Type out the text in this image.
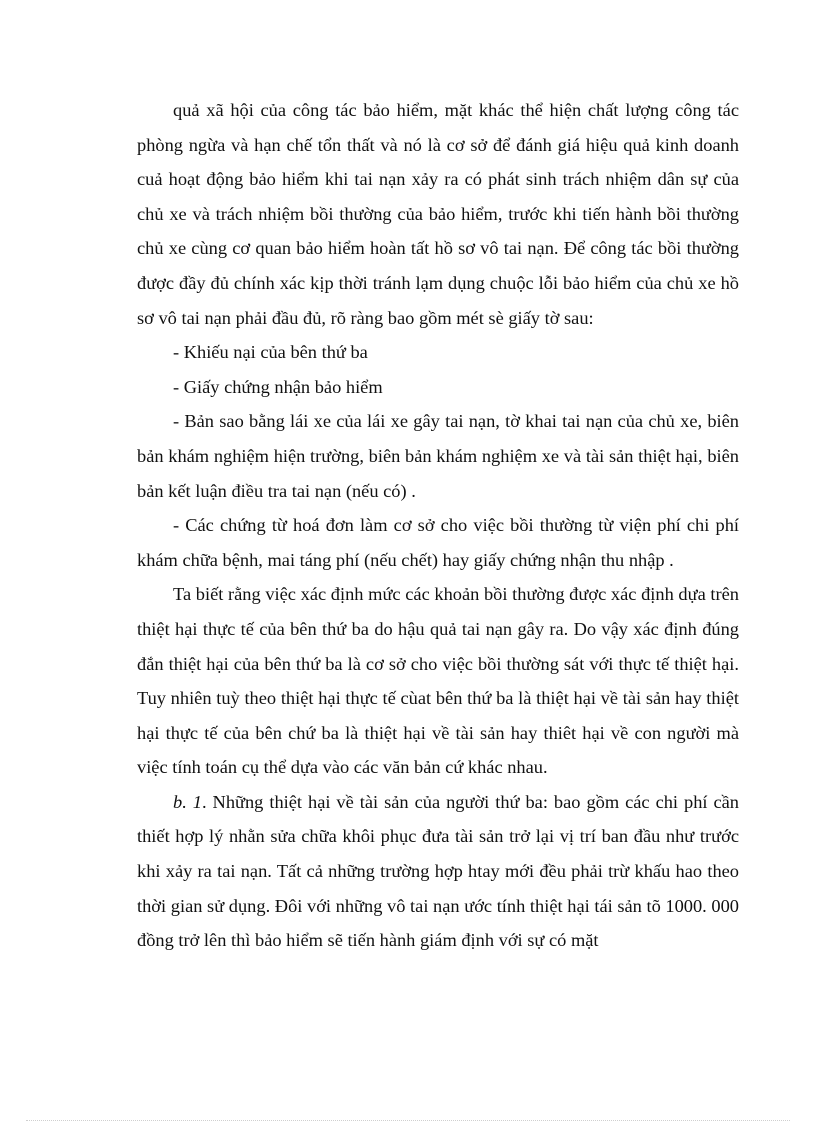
quả xã hội của công tác bảo hiểm, mặt khác thể hiện chất lượng công tác phòng ngừa và hạn chế tổn thất và nó là cơ sở để đánh giá hiệu quả kinh doanh cuả hoạt động bảo hiểm khi tai nạn xảy ra có phát sinh trách nhiệm dân sự của chủ xe và trách nhiệm bồi thường của bảo hiểm, trước khi tiến hành bồi thường chủ xe cùng cơ quan bảo hiểm hoàn tất hồ sơ vô tai nạn. Để công tác bồi thường được đầy đủ chính xác kịp thời tránh lạm dụng chuộc lỗi bảo hiểm của chủ xe hồ sơ vô tai nạn phải đầu đủ, rõ ràng bao gồm mét sè giấy tờ sau:

- Khiếu nại của bên thứ ba

- Giấy chứng nhận bảo hiểm

- Bản sao bằng lái xe của lái xe gây tai nạn, tờ khai tai nạn của chủ xe, biên bản khám nghiệm hiện trường, biên bản khám nghiệm xe và tài sản thiệt hại, biên bản kết luận điều tra tai nạn (nếu có) .

- Các chứng từ hoá đơn làm cơ sở cho việc bồi thường từ viện phí chi phí khám chữa bệnh, mai táng phí (nếu chết) hay giấy chứng nhận thu nhập .

Ta biết rằng việc xác định mức các khoản bồi thường được xác định dựa trên thiệt hại thực tế của bên thứ ba do hậu quả tai nạn gây ra. Do vậy xác định đúng đắn thiệt hại của bên thứ ba là cơ sở cho việc bồi thường sát với thực tế thiệt hại. Tuy nhiên tuỳ theo thiệt hại thực tế cùat bên thứ ba là thiệt hại về tài sản hay thiệt hại thực tế của bên chứ ba là thiệt hại về tài sản hay thiêt hại về con người mà việc tính toán cụ thể dựa vào các văn bản cứ khác nhau.

b. 1. Những thiệt hại về tài sản của người thứ ba: bao gồm các chi phí cần thiết hợp lý nhằn sửa chữa khôi phục đưa tài sản trở lại vị trí ban đầu như trước khi xảy ra tai nạn. Tất cả những trường hợp htay mới đều phải trừ khấu hao theo thời gian sử dụng. Đôi với những vô tai nạn ước tính thiệt hại tái sản tõ 1000. 000 đồng trở lên thì bảo hiểm sẽ tiến hành giám định với sự có mặt
